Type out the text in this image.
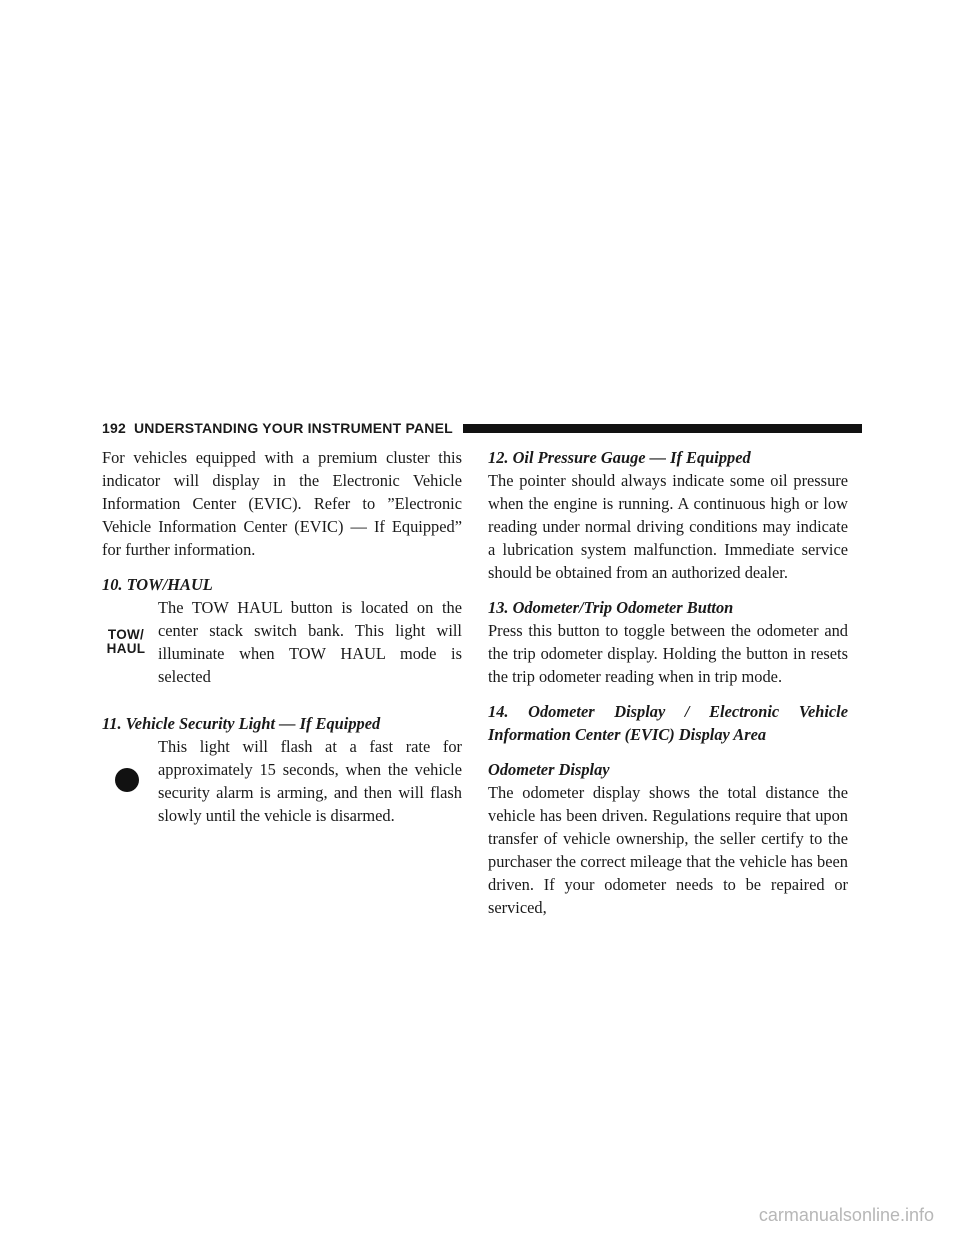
192 UNDERSTANDING YOUR INSTRUMENT PANEL

For vehicles equipped with a premium cluster this indicator will display in the Electronic Vehicle Information Center (EVIC). Refer to ”Electronic Vehicle Information Center (EVIC) — If Equipped” for further information.

10. TOW/HAUL

TOW/
HAUL

The TOW HAUL button is located on the center stack switch bank. This light will illuminate when TOW HAUL mode is selected

11. Vehicle Security Light — If Equipped

This light will flash at a fast rate for approximately 15 seconds, when the vehicle security alarm is arming, and then will flash slowly until the vehicle is disarmed.

12. Oil Pressure Gauge — If Equipped

The pointer should always indicate some oil pressure when the engine is running. A continuous high or low reading under normal driving conditions may indicate a lubrication system malfunction. Immediate service should be obtained from an authorized dealer.

13. Odometer/Trip Odometer Button

Press this button to toggle between the odometer and the trip odometer display. Holding the button in resets the trip odometer reading when in trip mode.

14. Odometer Display / Electronic Vehicle Information Center (EVIC) Display Area

Odometer Display

The odometer display shows the total distance the vehicle has been driven. Regulations require that upon transfer of vehicle ownership, the seller certify to the purchaser the correct mileage that the vehicle has been driven. If your odometer needs to be repaired or serviced,

carmanualsonline.info
